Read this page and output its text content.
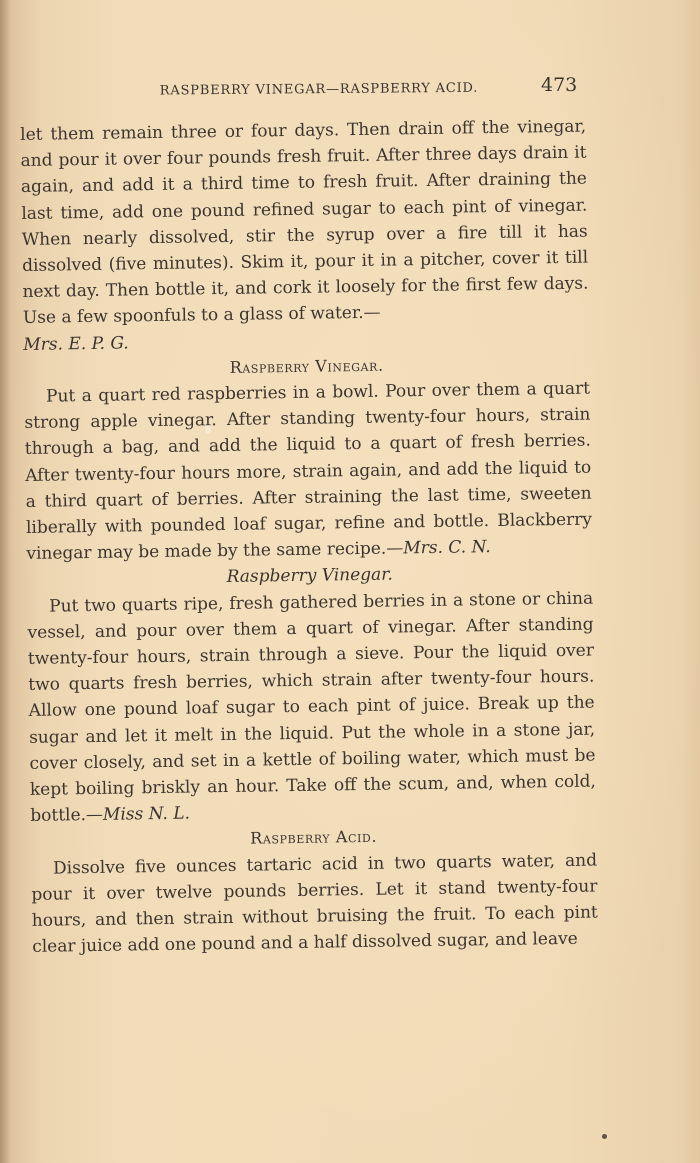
RASPBERRY VINEGAR—RASPBERRY ACID.	473

let them remain three or four days. Then drain off the vinegar, and pour it over four pounds fresh fruit. After three days drain it again, and add it a third time to fresh fruit. After draining the last time, add one pound refined sugar to each pint of vinegar. When nearly dissolved, stir the syrup over a fire till it has dissolved (five minutes). Skim it, pour it in a pitcher, cover it till next day. Then bottle it, and cork it loosely for the first few days. Use a few spoonfuls to a glass of water.—
Mrs. E. P. G.

Raspberry Vinegar.

Put a quart red raspberries in a bowl. Pour over them a quart strong apple vinegar. After standing twenty-four hours, strain through a bag, and add the liquid to a quart of fresh berries. After twenty-four hours more, strain again, and add the liquid to a third quart of berries. After straining the last time, sweeten liberally with pounded loaf sugar, refine and bottle. Blackberry vinegar may be made by the same recipe.—Mrs. C. N.

Raspberry Vinegar.

Put two quarts ripe, fresh gathered berries in a stone or china vessel, and pour over them a quart of vinegar. After standing twenty-four hours, strain through a sieve. Pour the liquid over two quarts fresh berries, which strain after twenty-four hours. Allow one pound loaf sugar to each pint of juice. Break up the sugar and let it melt in the liquid. Put the whole in a stone jar, cover closely, and set in a kettle of boiling water, which must be kept boiling briskly an hour. Take off the scum, and, when cold, bottle.—Miss N. L.

Raspberry Acid.

Dissolve five ounces tartaric acid in two quarts water, and pour it over twelve pounds berries. Let it stand twenty-four hours, and then strain without bruising the fruit. To each pint clear juice add one pound and a half dissolved sugar, and leave
